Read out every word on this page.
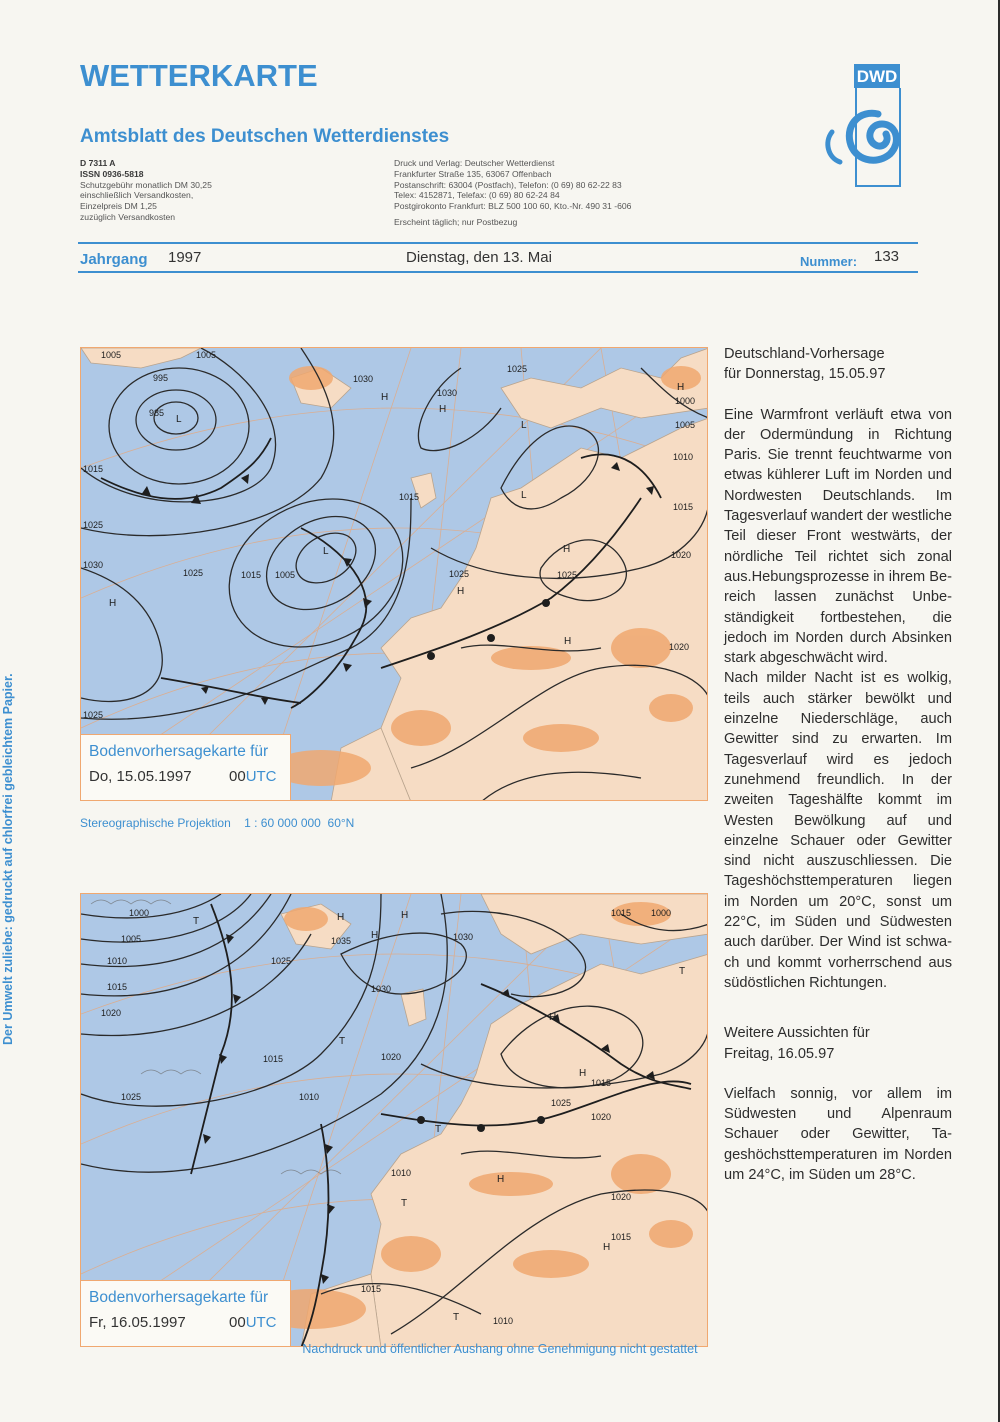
WETTERKARTE
Amtsblatt des Deutschen Wetterdienstes
D 7311 A
ISSN 0936-5818
Schutzgebühr monatlich DM 30,25
einschließlich Versandkosten,
Einzelpreis DM 1,25
zuzüglich Versandkosten
Druck und Verlag: Deutscher Wetterdienst
Frankfurter Straße 135, 63067 Offenbach
Postanschrift: 63004 (Postfach), Telefon: (0 69) 80 62-22 83
Telex: 4152871, Telefax: (0 69) 80 62-24 84
Postgirokonto Frankfurt: BLZ 500 100 60, Kto.-Nr. 490 31 -606
Erscheint täglich; nur Postbezug
DWD
Jahrgang 1997	Dienstag, den 13. Mai	Nummer: 133
1005	1005
995
985
1015
1025
1030
1025	1015 1005
1025
1030
1030
1025
1015
1025	1025
1010
1015
1020
1020
1000
1005
L
L
L
L
H
H
H
H
H
H
H
Bodenvorhersagekarte für
Do, 15.05.1997 00UTC
Stereographische Projektion 1 : 60 000 000 60°N
1000
1005
1010
1015
1020
1025
1035	1030
1030
1025
1015
1010
1020
1025
1020
1015
1010
1020
1015
1015 1000
1015
1010
H
H
H
T
T
T
T
H
H
H
H
T
T
Bodenvorhersagekarte für
Fr, 16.05.1997	00UTC
Der Umwelt zuliebe: gedruckt auf chlorfrei gebleichtem Papier.
Deutschland-Vorhersage
für Donnerstag, 15.05.97

Eine Warmfront verläuft etwa von der Odermündung in Richtung Paris. Sie trennt feuchtwarme von etwas kühlerer Luft im Norden und Nordwesten Deutschlands. Im Tagesverlauf wandert der westliche Teil dieser Front westwärts, der nördliche Teil richtet sich zonal aus.Hebungsprozesse in ihrem Bereich lassen zunächst Unbeständigkeit fortbestehen, die jedoch im Norden durch Absinken stark abgeschwächt wird.

Nach milder Nacht ist es wolkig, teils auch stärker bewölkt und einzelne Niederschläge, auch Gewitter sind zu erwarten. Im Tagesverlauf wird es jedoch zunehmend freundlich. In der zweiten Tageshälfte kommt im Westen Bewölkung auf und einzelne Schauer oder Gewitter sind nicht auszuschliessen. Die Tageshöchsttemperaturen liegen im Norden um 20°C, sonst um 22°C, im Süden und Südwesten auch darüber. Der Wind ist schwach und kommt vorherrschend aus südöstlichen Richtungen.

Weitere Aussichten für
Freitag, 16.05.97

Vielfach sonnig, vor allem im Südwesten und Alpenraum Schauer oder Gewitter, Tageshöchsttemperaturen im Norden um 24°C, im Süden um 28°C.

Nachdruck und öffentlicher Aushang ohne Genehmigung nicht gestattet
